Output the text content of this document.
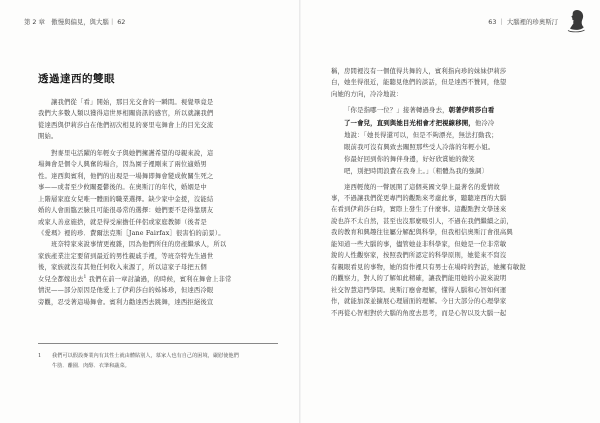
第 2 章　傲慢與偏見，與大腦｜ 62
透過達西的雙眼

讓我們從「看」開始，那目光交會的一瞬間。視覺畢竟是
我們大多數人類以獲得這世界相關資訊的感官，所以就讓我們
從達西與伊莉莎白在他們初次相見的麥里屯舞會上的目光交流
開始。

對麥里屯活躍的年輕女子與她們擁護希望的母親來說，這
場舞會是個令人興奮的場合，因為園子裡剛來了兩位適婚男
性。達西與賓利，他們的出現是一場舞即舞會變成攸關生死之
事——或者至少攸關憂鬱後的。在奧斯汀的年代，婚姻是中
上階層家庭女兒唯一體面的職業選擇。缺少家中金援，沒能結
婚的人會面臨丟臉且可能很尋常的選擇：她們要不是得靠朋友
或家人善意施捨，就是得受雇擔任伴侶或家庭教師（後者是
《愛瑪》裡的珍．費爾法克斯［Jane Fairfax］很害怕的前景）。
　　班奈特家來說事情更複雜，因為他們所住的房產繼承人，所以
家族產業注定要留到最近的男性親戚手裡，等班奈特先生過世
後，家族就沒有其他任何收入來源了，所以這家子母把五個
女兒全都嫁出去$^1$ 我們在前一章討論過，的時候，賓利在舞會上非常
情況——部分原因是他愛上了伊莉莎白的姊姊珍，但達西冷眼
旁觀，忍受著這場舞會。賓利力勸達西去跳舞，達西拒絕後宣

1 我們可以假設麥業內有其性士就由體貼別人，慕家人也有自己的困境，嚴慰使他們
牛肋．離園．肉醇．衣筆和蔬菜。
63 ｜ 大腦裡的珍奧斯汀

稱，房間裡沒有一個值得共舞的人，賓利指向珍的妹妹伊莉莎
白，她坐得很近，能聽見他們的談話，但是達西不贊同，他望
向她的方向，冷冷地說：

「你是指哪一位？」接著轉過身去，朝著伊莉莎白看
了一會兒，直到與她目光相會才把視線移開，他冷冷
地說：「她長得還可以，但是不夠漂亮，無法打動我；
眼前我可沒有興致去關照那些受人冷落的年輕小姐。
你最好回到你的舞伴身邊，好好欣賞她的微笑
吧，別把時間浪費在我身上。」〔粗體為我的強調〕

達西輕蔑的一瞥展開了這個英國文學上最著名的愛情故
事，不過讓我們從更專門的觀點來考慮此事，聽聽達西的大腦
在看到伊莉莎白時，實際上發生了什麼事。這觀點對文學迷來
說也許不太自然，甚至也沒那麼吸引人，不過在我們繼續之前，
我的教育和興趣往往屬分解配與科學，但我相信奧斯汀會很高興
能知道一些大腦的事，儘管她並非科學家，但她是一位非常敏
銳的人性觀察家，按照我們所認定的科學原則，她從來不寫沒
有親眼看見的事物，她的寫作裡只有男士在場時的對話，她擁有敏銳
的觀察力，對人的了解如此精確，讓我們能用她的小說來說明
社交智慧這門學問。奧斯汀應會理解，懂得人腦和心智如何運
作，就能加深並擴展心理層面的理解。今日大部分的心理學家
不再從心智相對於大腦的角度去思考，而是心智以及大腦一起
